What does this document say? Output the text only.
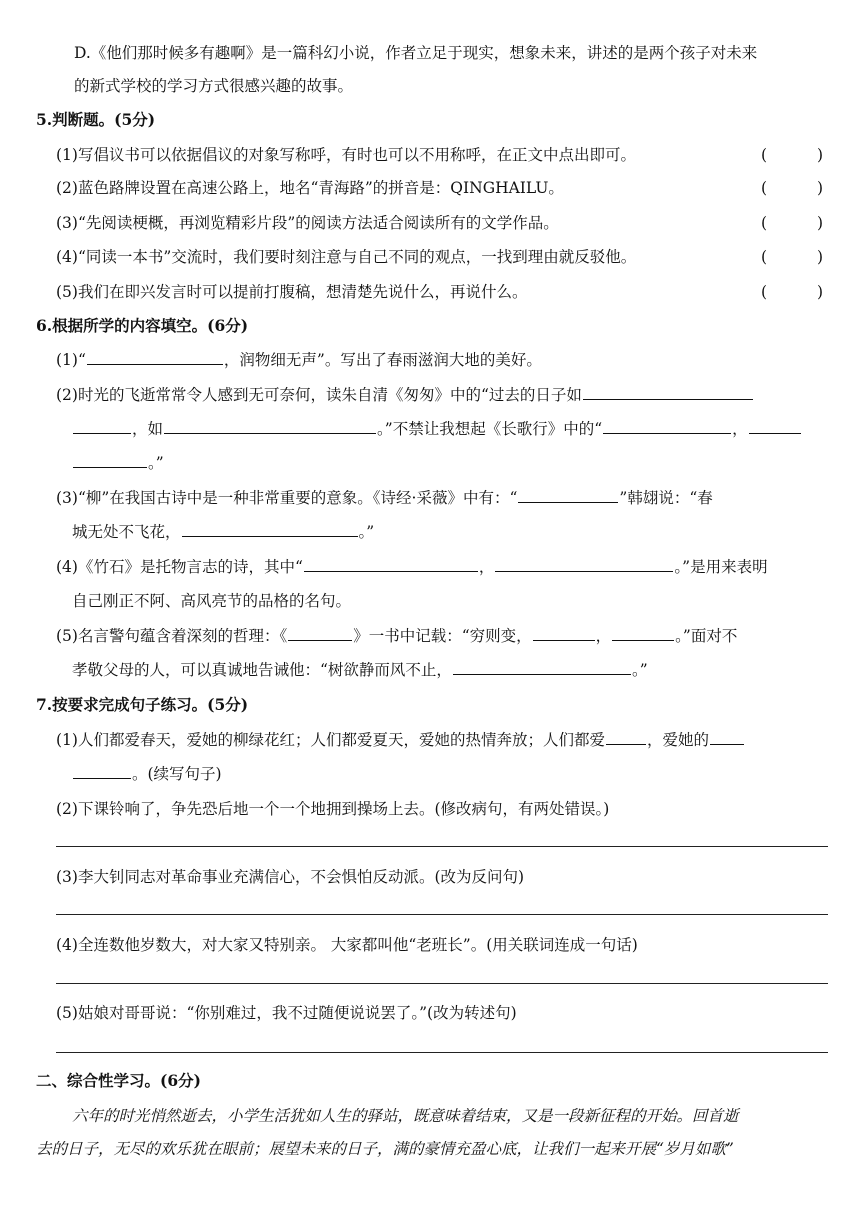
D.《他们那时候多有趣啊》是一篇科幻小说，作者立足于现实，想象未来，讲述的是两个孩子对未来
的新式学校的学习方式很感兴趣的故事。
5.判断题。(5分)
(1)写倡议书可以依据倡议的对象写称呼，有时也可以不用称呼，在正文中点出即可。	(	)
(2)蓝色路牌设置在高速公路上，地名“青海路”的拼音是：QINGHAILU。	(	)
(3)“先阅读梗概，再浏览精彩片段”的阅读方法适合阅读所有的文学作品。	(	)
(4)“同读一本书”交流时，我们要时刻注意与自己不同的观点，一找到理由就反驳他。	(	)
(5)我们在即兴发言时可以提前打腹稿，想清楚先说什么，再说什么。	(	)
6.根据所学的内容填空。(6分)
(1)“	，润物细无声”。写出了春雨滋润大地的美好。
(2)时光的飞逝常常令人感到无可奈何，读朱自清《匆匆》中的“过去的日子如
，如	。”不禁让我想起《长歌行》中的“	，
。”
(3)“柳”在我国古诗中是一种非常重要的意象。《诗经·采薇》中有：“	”韩翃说：“春
城无处不飞花，	。”
(4)《竹石》是托物言志的诗，其中“	，	。”是用来表明
自己刚正不阿、高风亮节的品格的名句。
(5)名言警句蕴含着深刻的哲理：《	》一书中记载：“穷则变，	，	。”面对不
孝敬父母的人，可以真诚地告诫他：“树欲静而风不止，	。”
7.按要求完成句子练习。(5分)
(1)人们都爱春天，爱她的柳绿花红；人们都爱夏天，爱她的热情奔放；人们都爱	，爱她的
。(续写句子)
(2)下课铃响了，争先恐后地一个一个地拥到操场上去。(修改病句，有两处错误。)
(3)李大钊同志对革命事业充满信心，不会惧怕反动派。(改为反问句)
(4)全连数他岁数大，对大家又特别亲。 大家都叫他“老班长”。(用关联词连成一句话)
(5)姑娘对哥哥说：“你别难过，我不过随便说说罢了。”(改为转述句)
二、综合性学习。(6分)
六年的时光悄然逝去，小学生活犹如人生的驿站，既意味着结束，又是一段新征程的开始。回首逝
去的日子，无尽的欢乐犹在眼前；展望未来的日子，满的豪情充盈心底，让我们一起来开展“岁月如歌”
